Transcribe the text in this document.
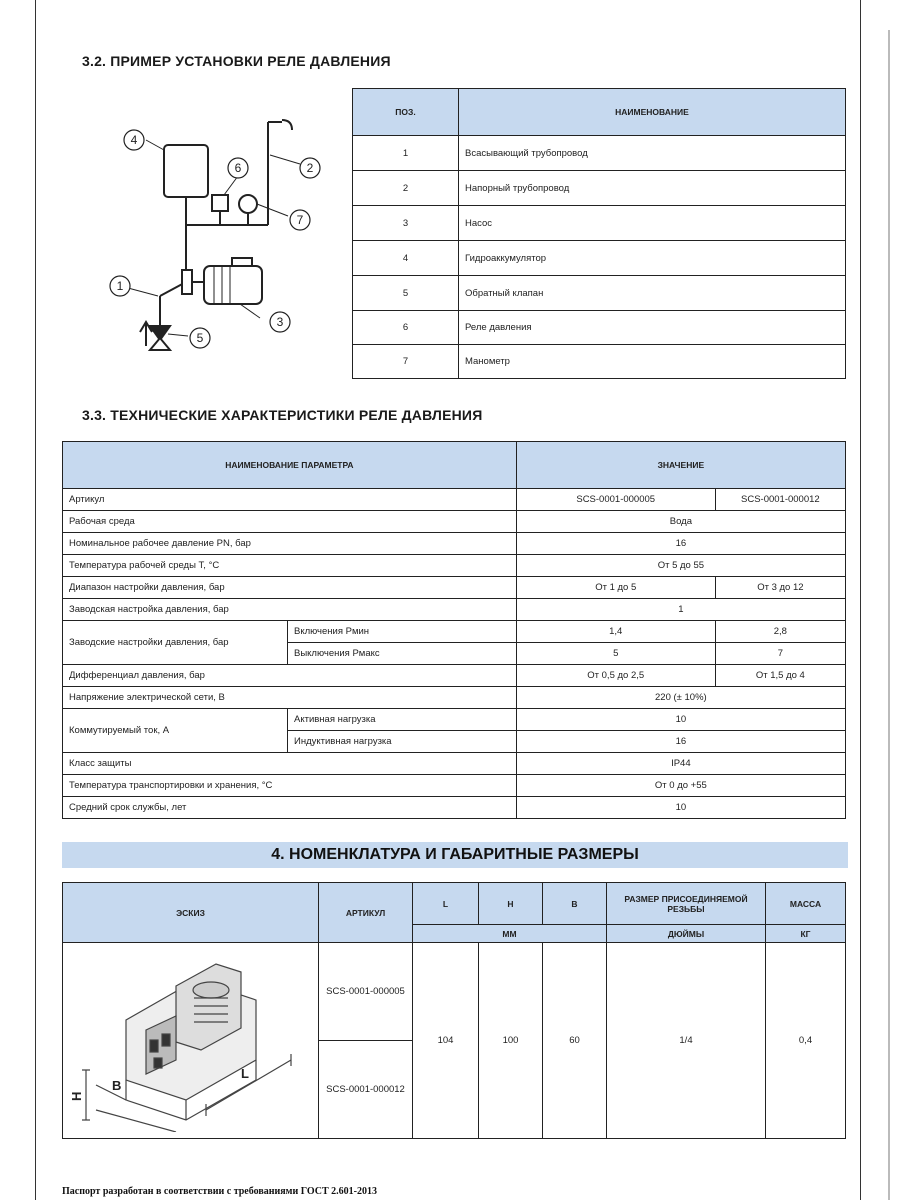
3.2. ПРИМЕР УСТАНОВКИ РЕЛЕ ДАВЛЕНИЯ
4
2
3
6
7
1
5
ПОЗ.	НАИМЕНОВАНИЕ
1	Всасывающий трубопровод
2	Напорный трубопровод
3	Насос
4	Гидроаккумулятор
5	Обратный клапан
6	Реле давления
7	Манометр
3.3. ТЕХНИЧЕСКИЕ ХАРАКТЕРИСТИКИ РЕЛЕ ДАВЛЕНИЯ
НАИМЕНОВАНИЕ ПАРАМЕТРА		ЗНАЧЕНИЕ	
Артикул		SCS-0001-000005	SCS-0001-000012
Рабочая среда		Вода	
Номинальное рабочее давление PN, бар		16	
Температура рабочей среды T, °C		От 5 до 55	
Диапазон настройки давления, бар		От 1 до 5	От 3 до 12
Заводская настройка давления, бар		1	
Заводские настройки давления, бар	Включения Pмин	1,4	2,8
	Выключения Pмакс	5	7
Дифференциал давления, бар		От 0,5 до 2,5	От 1,5 до 4
Напряжение электрической сети, В		220 (± 10%)	
Коммутируемый ток, А	Активная нагрузка	10	
	Индуктивная нагрузка	16	
Класс защиты		IP44	
Температура транспортировки и хранения, °C		От 0 до +55	
Средний срок службы, лет		10	
4. НОМЕНКЛАТУРА И ГАБАРИТНЫЕ РАЗМЕРЫ
ЭСКИЗ	АРТИКУЛ	L	H	B	РАЗМЕР ПРИСОЕДИНЯЕМОЙ РЕЗЬБЫ	МАССА
		ММ			ДЮЙМЫ	КГ
	SCS-0001-000005	104	100	60	1/4	0,4
	SCS-0001-000012					
H
B
L
Паспорт разработан в соответствии с требованиями ГОСТ 2.601-2013
